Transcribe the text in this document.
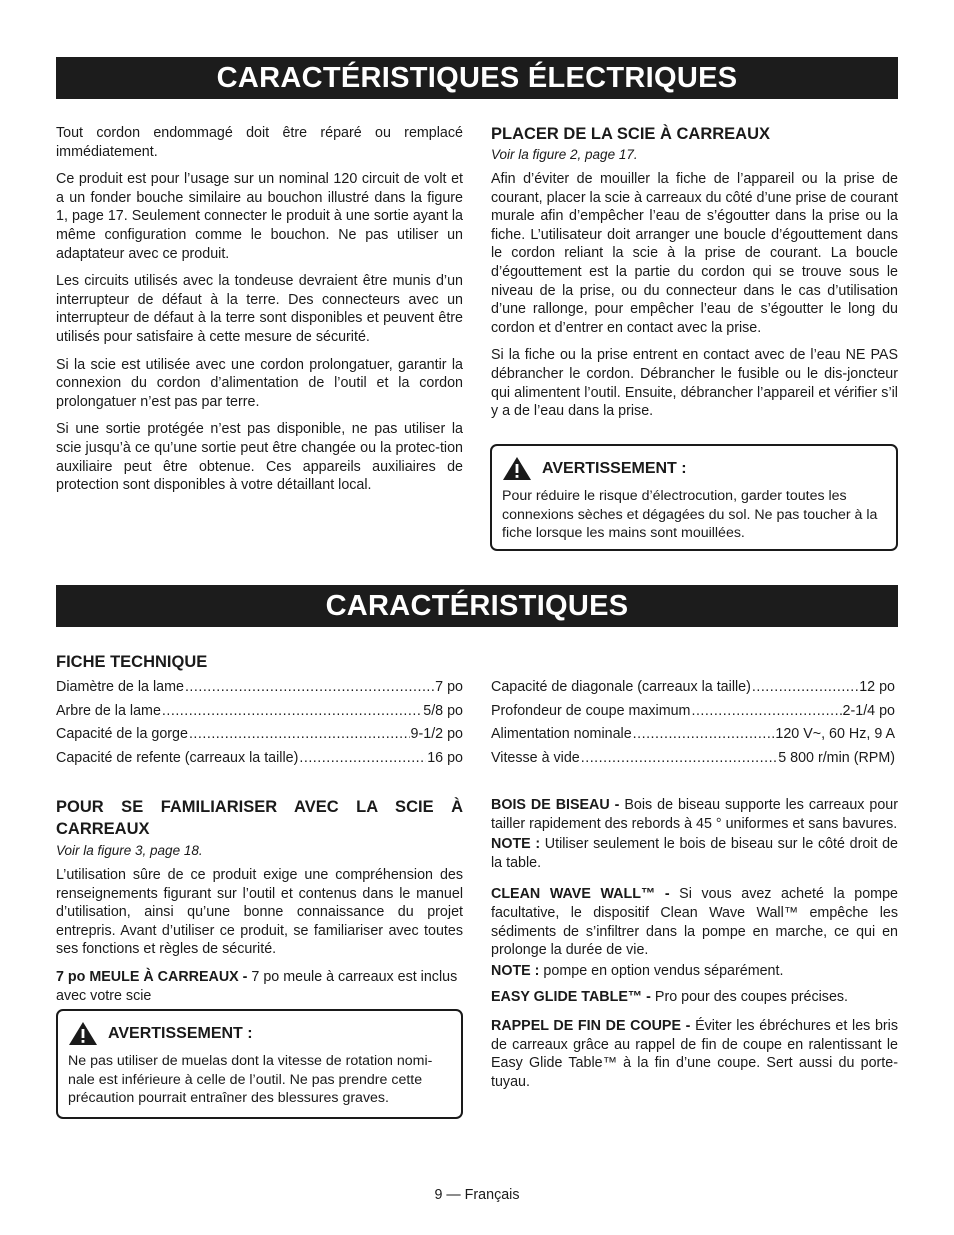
CARACTÉRISTIQUES ÉLECTRIQUES

Tout cordon endommagé doit être réparé ou remplacé immédiatement.

Ce produit est pour l’usage sur un nominal 120 circuit de volt et a un fonder bouche similaire au bouchon illustré dans la figure 1, page 17. Seulement connecter le produit à une sortie ayant la même configuration comme le bouchon. Ne pas utiliser un adaptateur avec ce produit.

Les circuits utilisés avec la tondeuse devraient être munis d’un interrupteur de défaut à la terre. Des connecteurs avec un interrupteur de défaut à la terre sont disponibles et peuvent être utilisés pour satisfaire à cette mesure de sécurité.

Si la scie est utilisée avec une cordon prolongatuer, garantir la connexion du cordon d’alimentation de l’outil et la cordon prolongatuer n’est pas par terre.

Si une sortie protégée n’est pas disponible, ne pas utiliser la scie jusqu’à ce qu’une sortie peut être changée ou la protec-tion auxiliaire peut être obtenue. Ces appareils auxiliaires de protection sont disponibles à votre détaillant local.

PLACER DE LA SCIE À CARREAUX

Voir la figure 2, page 17.

Afin d’éviter de mouiller la fiche de l’appareil ou la prise de courant, placer la scie à carreaux du côté d’une prise de courant murale afin d’empêcher l’eau de s’égoutter dans la prise ou la fiche. L’utilisateur doit arranger une boucle d’égouttement dans le cordon reliant la scie à la prise de courant. La boucle d’égouttement est la partie du cordon qui se trouve sous le niveau de la prise, ou du connecteur dans le cas d’utilisation d’une rallonge, pour empêcher l’eau de s’égoutter le long du cordon et d’entrer en contact avec la prise.

Si la fiche ou la prise entrent en contact avec de l’eau NE PAS débrancher le cordon. Débrancher le fusible ou le dis-joncteur qui alimentent l’outil. Ensuite, débrancher l’appareil et vérifier s’il y a de l’eau dans la prise.

AVERTISSEMENT :

Pour réduire le risque d’électrocution, garder toutes les connexions sèches et dégagées du sol. Ne pas toucher à la fiche lorsque les mains sont mouillées.

CARACTÉRISTIQUES

FICHE TECHNIQUE

Diamètre de la lame .....	7 po
Arbre de la lame .....	5/8 po
Capacité de la gorge .....	9-1/2 po
Capacité de refente (carreaux la taille) .....	16 po
Capacité de diagonale (carreaux la taille) .....	12 po
Profondeur de coupe maximum .....	2-1/4 po
Alimentation nominale .....	120 V~, 60 Hz, 9 A
Vitesse à vide .....	5 800 r/min (RPM)

POUR SE FAMILIARISER AVEC LA SCIE À CARREAUX

Voir la figure 3, page 18.

L’utilisation sûre de ce produit exige une compréhension des renseignements figurant sur l’outil et contenus dans le manuel d’utilisation, ainsi qu’une bonne connaissance du projet entrepris. Avant d’utiliser ce produit, se familiariser avec toutes ses fonctions et règles de sécurité.

7 po MEULE À CARREAUX - 7 po meule à carreaux est inclus avec votre scie

AVERTISSEMENT :

Ne pas utiliser de muelas dont la vitesse de rotation nomi-nale est inférieure à celle de l’outil. Ne pas prendre cette précaution pourrait entraîner des blessures graves.

BOIS DE BISEAU - Bois de biseau supporte les carreaux pour tailler rapidement des rebords à 45 ° uniformes et sans bavures.

NOTE : Utiliser seulement le bois de biseau sur le côté droit de la table.

CLEAN WAVE WALL™ - Si vous avez acheté la pompe facultative, le dispositif Clean Wave Wall™ empêche les sédiments de s’infiltrer dans la pompe en marche, ce qui en prolonge la durée de vie.

NOTE : pompe en option vendus séparément.

EASY GLIDE TABLE™ - Pro pour des coupes précises.

RAPPEL DE FIN DE COUPE - Éviter les ébréchures et les bris de carreaux grâce au rappel de fin de coupe en ralentissant le Easy Glide Table™ à la fin d’une coupe. Sert aussi du porte-tuyau.

9 — Français
